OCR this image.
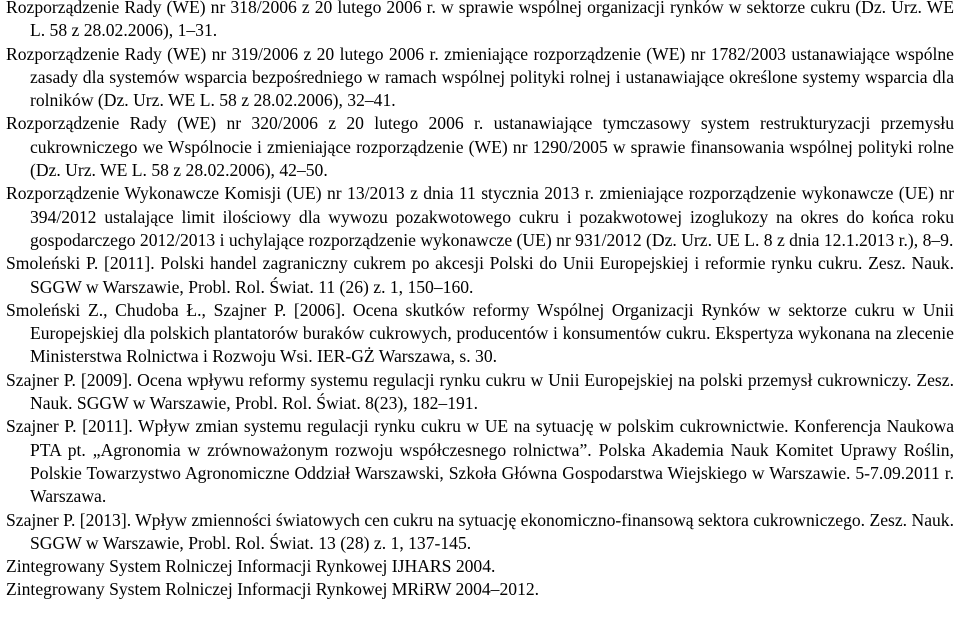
Rozporządzenie Rady (WE) nr 318/2006 z 20 lutego 2006 r. w sprawie wspólnej organizacji rynków w sektorze cukru (Dz. Urz. WE L. 58 z 28.02.2006), 1–31.

Rozporządzenie Rady (WE) nr 319/2006 z 20 lutego 2006 r. zmieniające rozporządzenie (WE) nr 1782/2003 ustanawiające wspólne zasady dla systemów wsparcia bezpośredniego w ramach wspólnej polityki rolnej i ustanawiające określone systemy wsparcia dla rolników (Dz. Urz. WE L. 58 z 28.02.2006), 32–41.

Rozporządzenie Rady (WE) nr 320/2006 z 20 lutego 2006 r. ustanawiające tymczasowy system restrukturyzacji przemysłu cukrowniczego we Wspólnocie i zmieniające rozporządzenie (WE) nr 1290/2005 w sprawie finansowania wspólnej polityki rolne (Dz. Urz. WE L. 58 z 28.02.2006), 42–50.

Rozporządzenie Wykonawcze Komisji (UE) nr 13/2013 z dnia 11 stycznia 2013 r. zmieniające rozporządzenie wykonawcze (UE) nr 394/2012 ustalające limit ilościowy dla wywozu pozakwotowego cukru i pozakwotowej izoglukozy na okres do końca roku gospodarczego 2012/2013 i uchylające rozporządzenie wykonawcze (UE) nr 931/2012 (Dz. Urz. UE L. 8 z dnia 12.1.2013 r.), 8–9.

Smoleński P. [2011]. Polski handel zagraniczny cukrem po akcesji Polski do Unii Europejskiej i reformie rynku cukru. Zesz. Nauk. SGGW w Warszawie, Probl. Rol. Świat. 11 (26) z. 1, 150–160.

Smoleński Z., Chudoba Ł., Szajner P. [2006]. Ocena skutków reformy Wspólnej Organizacji Rynków w sektorze cukru w Unii Europejskiej dla polskich plantatorów buraków cukrowych, producentów i konsumentów cukru. Ekspertyza wykonana na zlecenie Ministerstwa Rolnictwa i Rozwoju Wsi. IER-GŻ Warszawa, s. 30.

Szajner P. [2009]. Ocena wpływu reformy systemu regulacji rynku cukru w Unii Europejskiej na polski przemysł cukrowniczy. Zesz. Nauk. SGGW w Warszawie, Probl. Rol. Świat. 8(23), 182–191.

Szajner P. [2011]. Wpływ zmian systemu regulacji rynku cukru w UE na sytuację w polskim cukrownictwie. Konferencja Naukowa PTA pt. „Agronomia w zrównoważonym rozwoju współczesnego rolnictwa”. Polska Akademia Nauk Komitet Uprawy Roślin, Polskie Towarzystwo Agronomiczne Oddział Warszawski, Szkoła Główna Gospodarstwa Wiejskiego w Warszawie. 5-7.09.2011 r. Warszawa.

Szajner P. [2013]. Wpływ zmienności światowych cen cukru na sytuację ekonomiczno-finansową sektora cukrowniczego. Zesz. Nauk. SGGW w Warszawie, Probl. Rol. Świat. 13 (28) z. 1, 137-145.

Zintegrowany System Rolniczej Informacji Rynkowej IJHARS 2004.

Zintegrowany System Rolniczej Informacji Rynkowej MRiRW 2004–2012.
